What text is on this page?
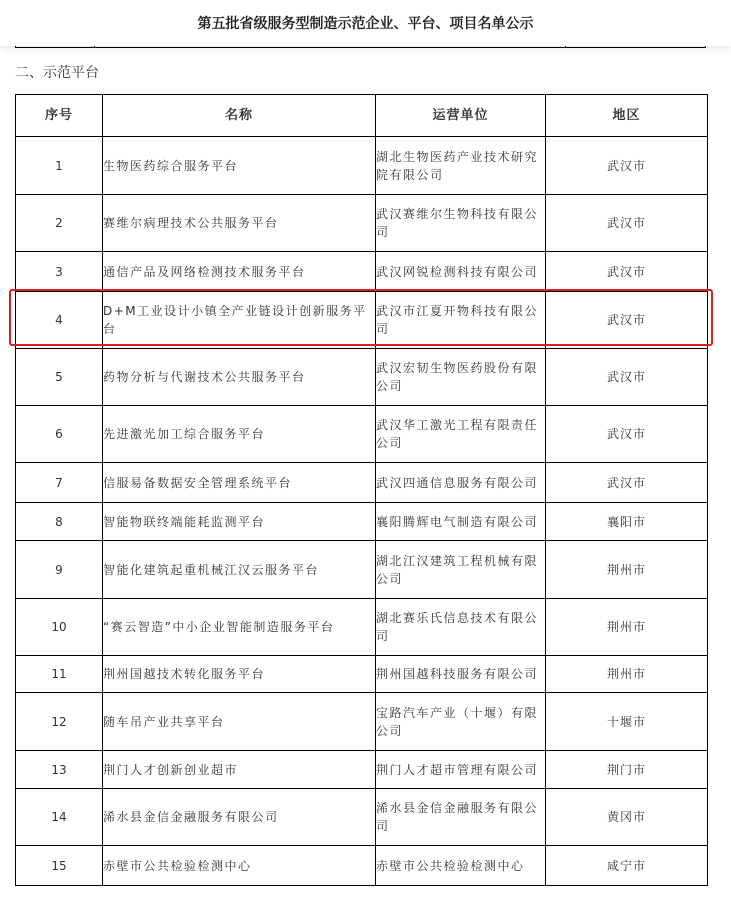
第五批省级服务型制造示范企业、平台、项目名单公示
二、示范平台
序号	名称	运营单位	地区
1	生物医药综合服务平台	湖北生物医药产业技术研究院有限公司	武汉市
2	赛维尔病理技术公共服务平台	武汉赛维尔生物科技有限公司	武汉市
3	通信产品及网络检测技术服务平台	武汉网锐检测科技有限公司	武汉市
4	D+M工业设计小镇全产业链设计创新服务平台	武汉市江夏开物科技有限公司	武汉市
5	药物分析与代谢技术公共服务平台	武汉宏韧生物医药股份有限公司	武汉市
6	先进激光加工综合服务平台	武汉华工激光工程有限责任公司	武汉市
7	信服易备数据安全管理系统平台	武汉四通信息服务有限公司	武汉市
8	智能物联终端能耗监测平台	襄阳腾辉电气制造有限公司	襄阳市
9	智能化建筑起重机械江汉云服务平台	湖北江汉建筑工程机械有限公司	荆州市
10	“赛云智造”中小企业智能制造服务平台	湖北赛乐氏信息技术有限公司	荆州市
11	荆州国越技术转化服务平台	荆州国越科技服务有限公司	荆州市
12	随车吊产业共享平台	宝路汽车产业（十堰）有限公司	十堰市
13	荆门人才创新创业超市	荆门人才超市管理有限公司	荆门市
14	浠水县金信金融服务有限公司	浠水县金信金融服务有限公司	黄冈市
15	赤壁市公共检验检测中心	赤壁市公共检验检测中心	咸宁市
